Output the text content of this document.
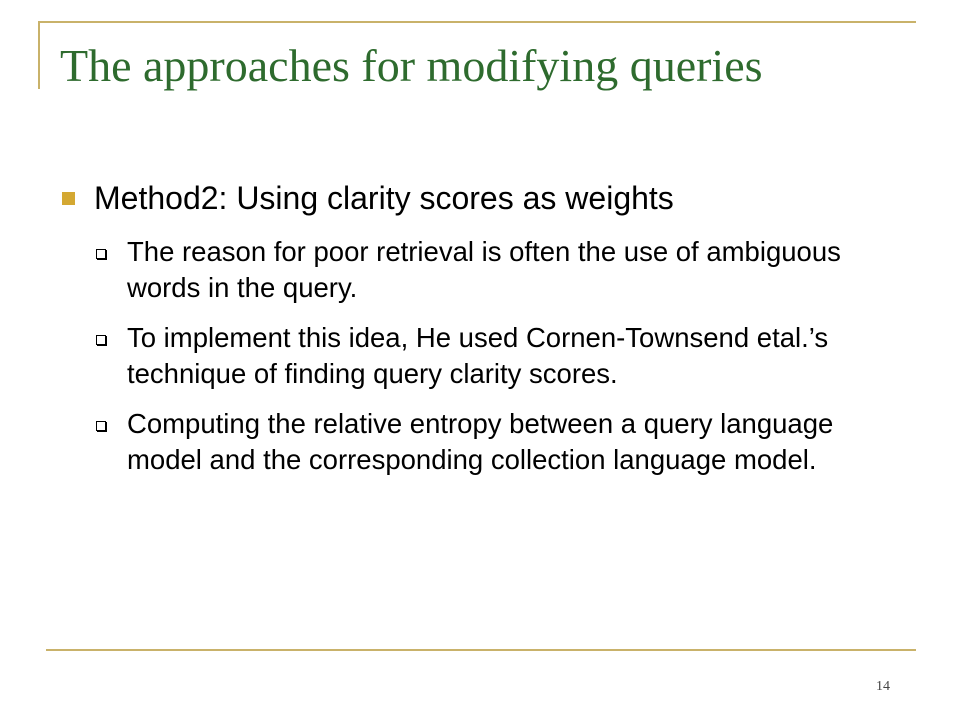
The approaches for modifying queries
Method2: Using clarity scores as weights
The reason for poor retrieval is often the use of ambiguous words in the query.
To implement this idea, He used Cornen-Townsend etal.’s technique of finding query clarity scores.
Computing the relative entropy between a query language model and the corresponding collection language model.
14
